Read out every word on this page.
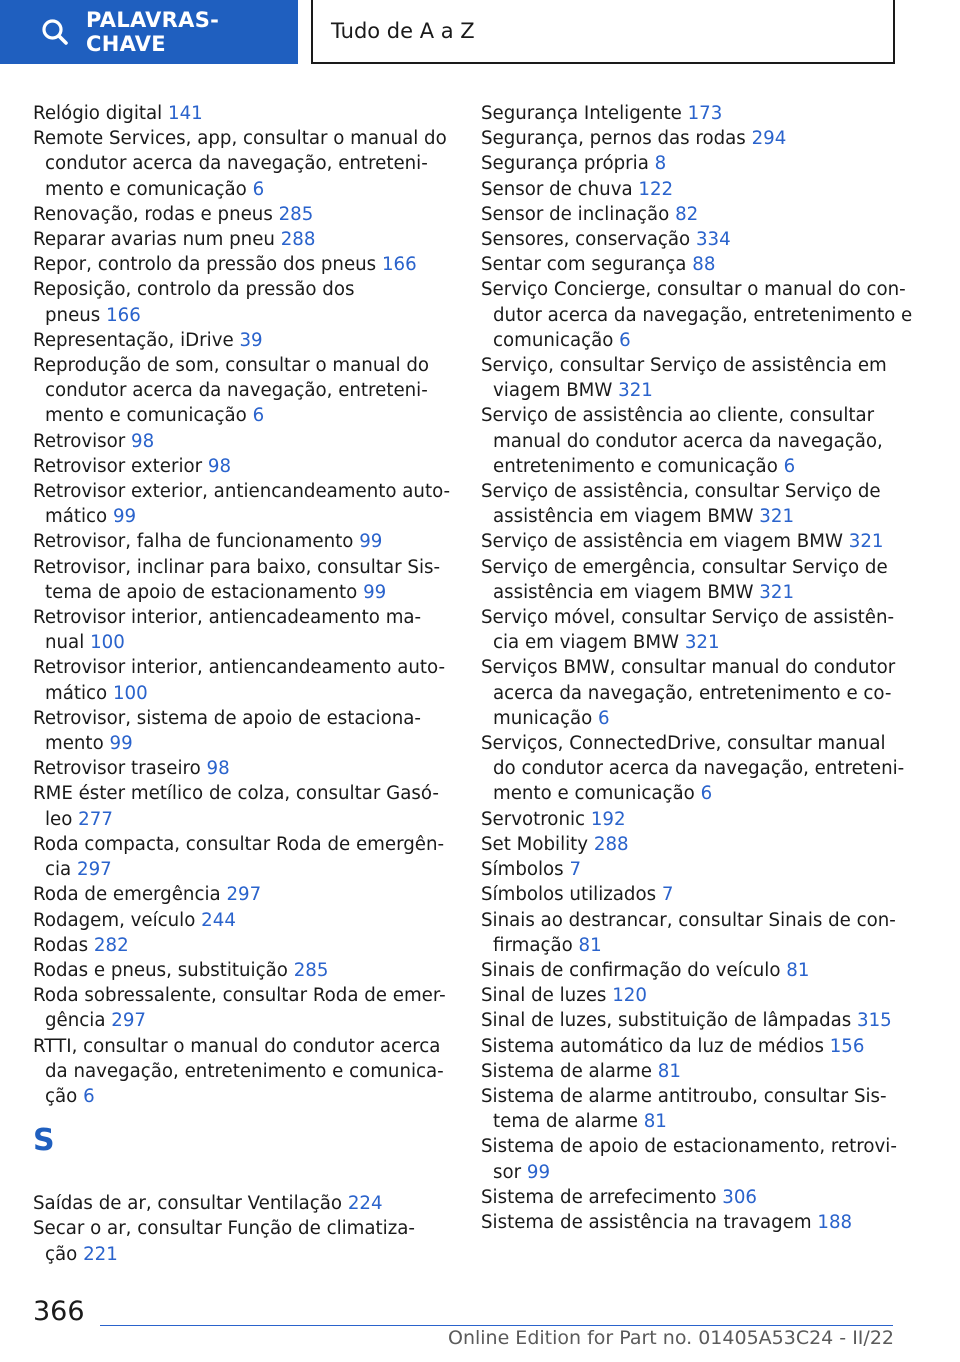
PALAVRAS-CHAVE
Tudo de A a Z
Relógio digital 141
Remote Services, app, consultar o manual do
condutor acerca da navegação, entreteni-
mento e comunicação 6
Renovação, rodas e pneus 285
Reparar avarias num pneu 288
Repor, controlo da pressão dos pneus 166
Reposição, controlo da pressão dos
pneus 166
Representação, iDrive 39
Reprodução de som, consultar o manual do
condutor acerca da navegação, entreteni-
mento e comunicação 6
Retrovisor 98
Retrovisor exterior 98
Retrovisor exterior, antiencandeamento auto-
mático 99
Retrovisor, falha de funcionamento 99
Retrovisor, inclinar para baixo, consultar Sis-
tema de apoio de estacionamento 99
Retrovisor interior, antiencadeamento ma-
nual 100
Retrovisor interior, antiencandeamento auto-
mático 100
Retrovisor, sistema de apoio de estaciona-
mento 99
Retrovisor traseiro 98
RME éster metílico de colza, consultar Gasó-
leo 277
Roda compacta, consultar Roda de emergên-
cia 297
Roda de emergência 297
Rodagem, veículo 244
Rodas 282
Rodas e pneus, substituição 285
Roda sobressalente, consultar Roda de emer-
gência 297
RTTI, consultar o manual do condutor acerca
da navegação, entretenimento e comunica-
ção 6
S
Saídas de ar, consultar Ventilação 224
Secar o ar, consultar Função de climatiza-
ção 221
Segurança Inteligente 173
Segurança, pernos das rodas 294
Segurança própria 8
Sensor de chuva 122
Sensor de inclinação 82
Sensores, conservação 334
Sentar com segurança 88
Serviço Concierge, consultar o manual do con-
dutor acerca da navegação, entretenimento e
comunicação 6
Serviço, consultar Serviço de assistência em
viagem BMW 321
Serviço de assistência ao cliente, consultar
manual do condutor acerca da navegação,
entretenimento e comunicação 6
Serviço de assistência, consultar Serviço de
assistência em viagem BMW 321
Serviço de assistência em viagem BMW 321
Serviço de emergência, consultar Serviço de
assistência em viagem BMW 321
Serviço móvel, consultar Serviço de assistên-
cia em viagem BMW 321
Serviços BMW, consultar manual do condutor
acerca da navegação, entretenimento e co-
municação 6
Serviços, ConnectedDrive, consultar manual
do condutor acerca da navegação, entreteni-
mento e comunicação 6
Servotronic 192
Set Mobility 288
Símbolos 7
Símbolos utilizados 7
Sinais ao destrancar, consultar Sinais de con-
firmação 81
Sinais de confirmação do veículo 81
Sinal de luzes 120
Sinal de luzes, substituição de lâmpadas 315
Sistema automático da luz de médios 156
Sistema de alarme 81
Sistema de alarme antitroubo, consultar Sis-
tema de alarme 81
Sistema de apoio de estacionamento, retrovi-
sor 99
Sistema de arrefecimento 306
Sistema de assistência na travagem 188
366
Online Edition for Part no. 01405A53C24 - II/22
